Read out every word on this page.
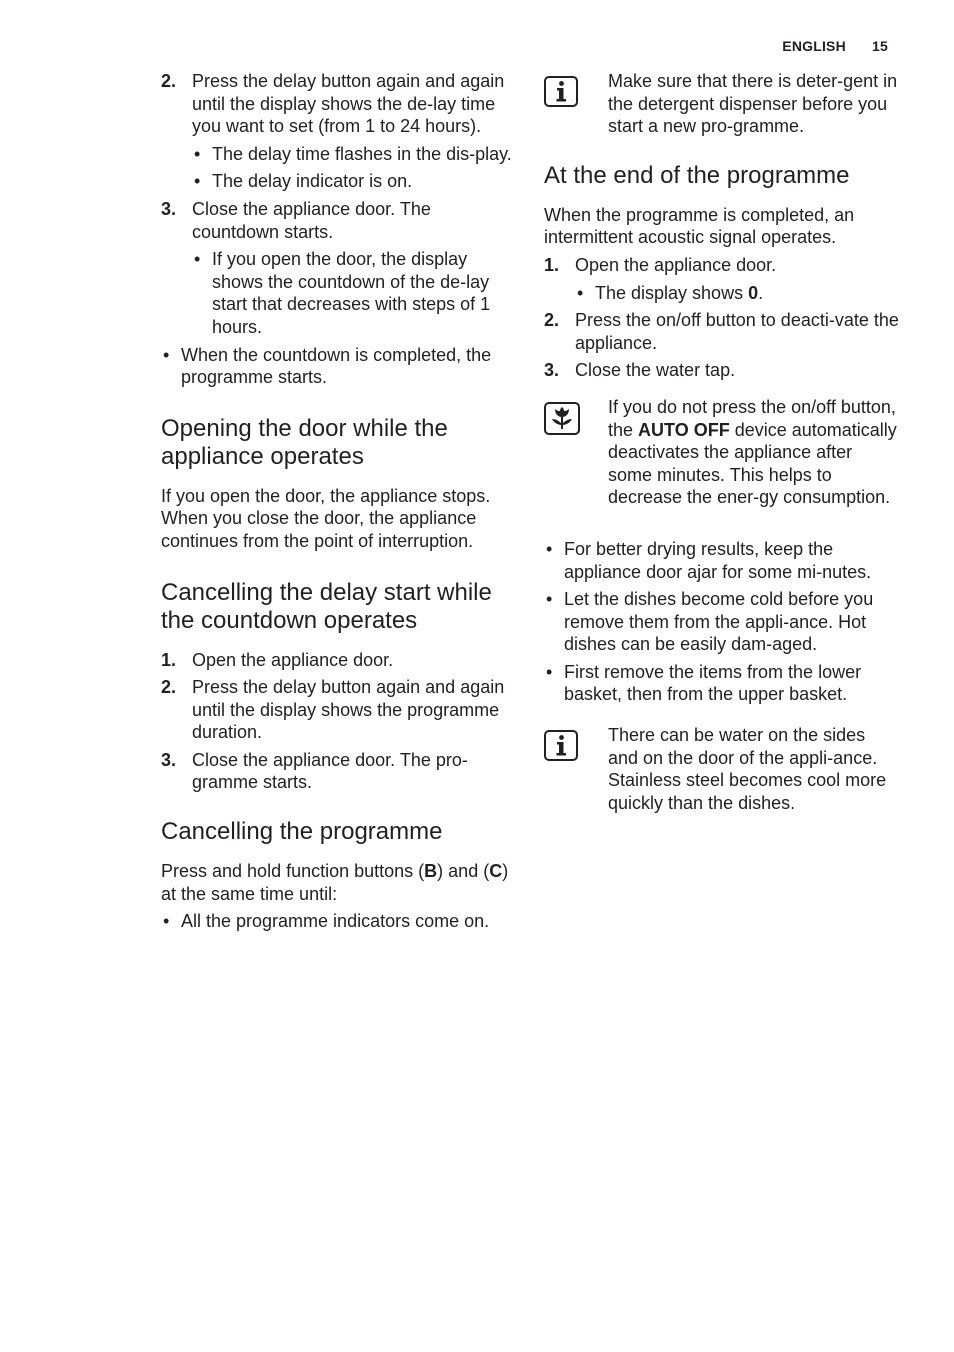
ENGLISH 15
2. Press the delay button again and again until the display shows the de-lay time you want to set (from 1 to 24 hours).
• The delay time flashes in the dis-play.
• The delay indicator is on.
3. Close the appliance door. The countdown starts.
• If you open the door, the display shows the countdown of the de-lay start that decreases with steps of 1 hours.
• When the countdown is completed, the programme starts.
Opening the door while the appliance operates

If you open the door, the appliance stops. When you close the door, the appliance continues from the point of interruption.

Cancelling the delay start while the countdown operates
1. Open the appliance door.
2. Press the delay button again and again until the display shows the programme duration.
3. Close the appliance door. The pro-gramme starts.
Cancelling the programme

Press and hold function buttons (B) and (C) at the same time until:

• All the programme indicators come on.

Make sure that there is deter-gent in the detergent dispenser before you start a new pro-gramme.

At the end of the programme

When the programme is completed, an intermittent acoustic signal operates.

1. Open the appliance door.
• The display shows 0.
2. Press the on/off button to deacti-vate the appliance.
3. Close the water tap.

If you do not press the on/off button, the AUTO OFF device automatically deactivates the appliance after some minutes. This helps to decrease the ener-gy consumption.

• For better drying results, keep the appliance door ajar for some mi-nutes.
• Let the dishes become cold before you remove them from the appli-ance. Hot dishes can be easily dam-aged.
• First remove the items from the lower basket, then from the upper basket.

There can be water on the sides and on the door of the appli-ance. Stainless steel becomes cool more quickly than the dishes.
